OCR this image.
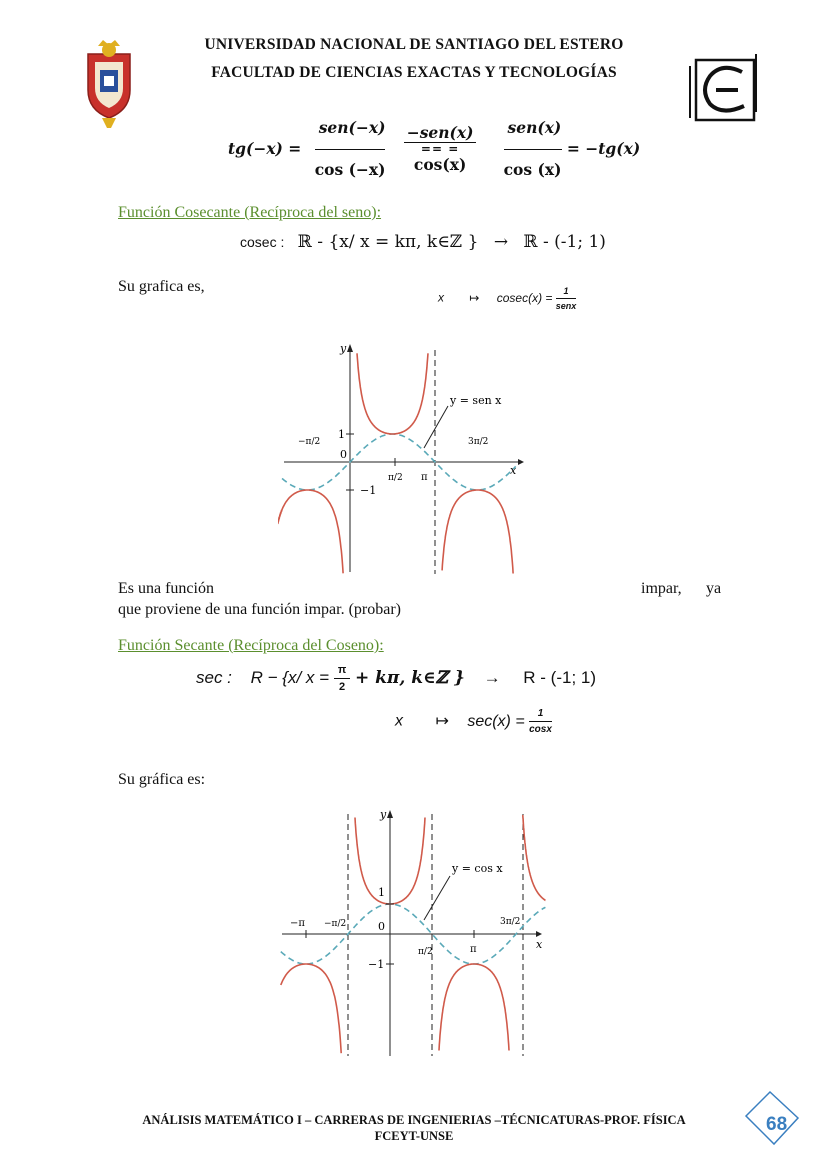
UNIVERSIDAD NACIONAL DE SANTIAGO DEL ESTERO
FACULTAD DE CIENCIAS EXACTAS Y TECNOLOGÍAS
$tg(-x) = \frac{\text{sen(−x)}}{\cos (-x)}$
−sen(x)
== =
cos(x)
	$\frac{\text{sen(x)}}{\cos (x)} = -tg(x)$
Función Cosecante (Recíproca del seno):
cosec : ℝ - {x/ x = kπ, k∈ℤ } → ℝ - (-1; 1)
Su grafica es,
x ↦ $cosec(x) = \frac{1}{\text{senx}}$
y
x
y = sen x
−π/2
π/2 π
3π/2
1
0
−1
Es una función	impar, ya
que proviene de una función impar. (probar)
Función Secante (Recíproca del Coseno):
sec : R − {x/ $x = \frac{\pi}{2} + k\pi$, k∈ℤ } → R - (-1; 1)
x ↦ $\sec(x) = \frac{1}{\cos x}$
Su gráfica es:
y
x
y = cos x
−π −π/2
π/2	π
3π/2
1
0
−1
ANÁLISIS MATEMÁTICO I – CARRERAS DE INGENIERIAS –TÉCNICATURAS-PROF. FÍSICA
FCEYT-UNSE
68
